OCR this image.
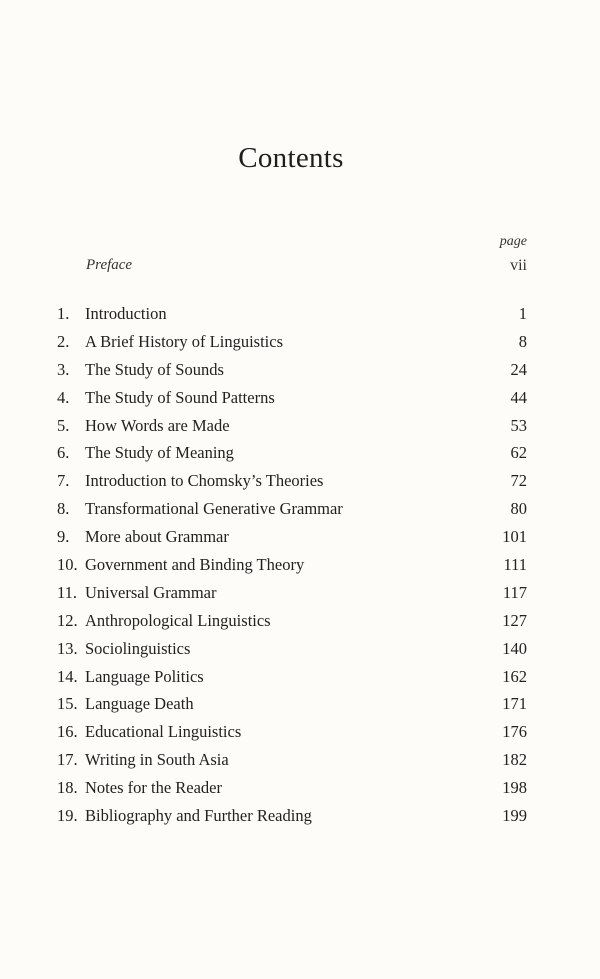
Contents
page
Preface	vii
1. Introduction	1
2. A Brief History of Linguistics	8
3. The Study of Sounds	24
4. The Study of Sound Patterns	44
5. How Words are Made	53
6. The Study of Meaning	62
7. Introduction to Chomsky’s Theories	72
8. Transformational Generative Grammar	80
9. More about Grammar	101
10. Government and Binding Theory	111
11. Universal Grammar	117
12. Anthropological Linguistics	127
13. Sociolinguistics	140
14. Language Politics	162
15. Language Death	171
16. Educational Linguistics	176
17. Writing in South Asia	182
18. Notes for the Reader	198
19. Bibliography and Further Reading	199
